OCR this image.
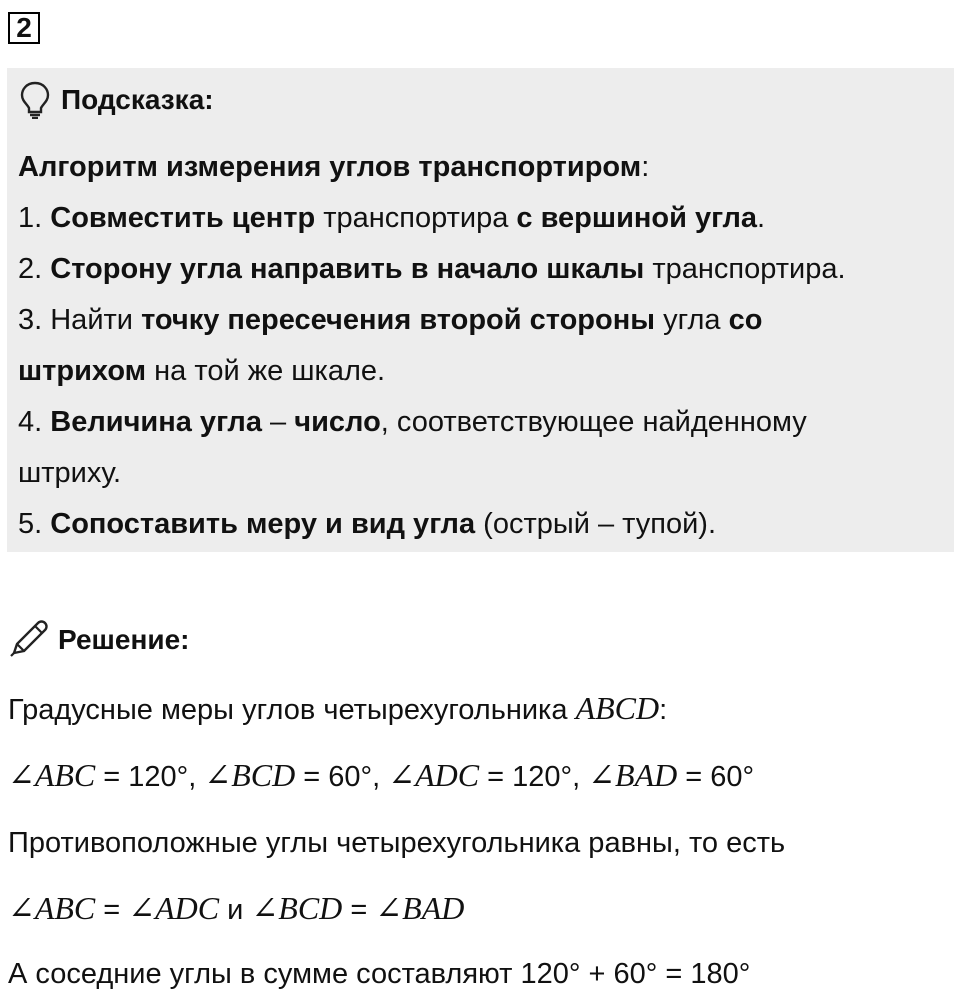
2
Подсказка:
Алгоритм измерения углов транспортиром:
1. Совместить центр транспортира с вершиной угла.
2. Сторону угла направить в начало шкалы транспортира.
3. Найти точку пересечения второй стороны угла со
штрихом на той же шкале.
4. Величина угла – число, соответствующее найденному
штриху.
5. Сопоставить меру и вид угла (острый – тупой).
Решение:
Градусные меры углов четырехугольника ABCD:
∠ABC = 120°, ∠BCD = 60°, ∠ADC = 120°, ∠BAD = 60°
Противоположные углы четырехугольника равны, то есть
∠ABC = ∠ADC и ∠BCD = ∠BAD
А соседние углы в сумме составляют 120° + 60° = 180°
